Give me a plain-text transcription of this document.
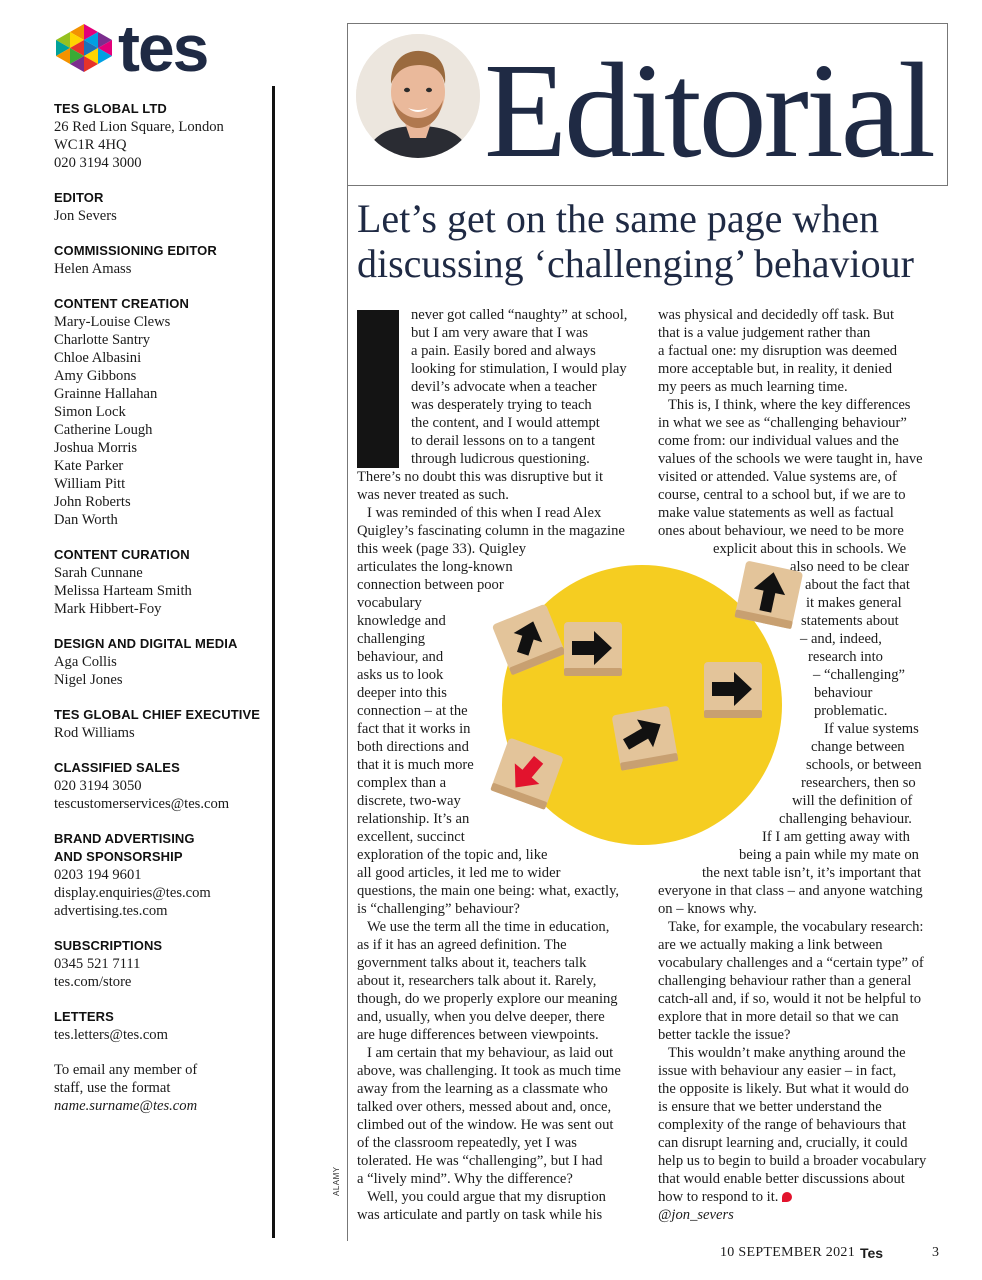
tes
TES GLOBAL LTD
26 Red Lion Square, London
WC1R 4HQ
020 3194 3000
EDITOR
Jon Severs
COMMISSIONING EDITOR
Helen Amass
CONTENT CREATION
Mary-Louise Clews
Charlotte Santry
Chloe Albasini
Amy Gibbons
Grainne Hallahan
Simon Lock
Catherine Lough
Joshua Morris
Kate Parker
William Pitt
John Roberts
Dan Worth
CONTENT CURATION
Sarah Cunnane
Melissa Harteam Smith
Mark Hibbert-Foy
DESIGN AND DIGITAL MEDIA
Aga Collis
Nigel Jones
TES GLOBAL CHIEF EXECUTIVE
Rod Williams
CLASSIFIED SALES
020 3194 3050
tescustomerservices@tes.com
BRAND ADVERTISING
AND SPONSORSHIP
0203 194 9601
display.enquiries@tes.com
advertising.tes.com
SUBSCRIPTIONS
0345 521 7111
tes.com/store
LETTERS
tes.letters@tes.com
To email any member of
staff, use the format
name.surname@tes.com
Editorial
Let’s get on the same page when
discussing ‘challenging’ behaviour
never got called “naughty” at school,
but I am very aware that I was
a pain. Easily bored and always
looking for stimulation, I would play
devil’s advocate when a teacher
was desperately trying to teach
the content, and I would attempt
to derail lessons on to a tangent
through ludicrous questioning.
There’s no doubt this was disruptive but it
was never treated as such.
I was reminded of this when I read Alex
Quigley’s fascinating column in the magazine
this week (page 33). Quigley
articulates the long-known
connection between poor
vocabulary
knowledge and
challenging
behaviour, and
asks us to look
deeper into this
connection – at the
fact that it works in
both directions and
that it is much more
complex than a
discrete, two-way
relationship. It’s an
excellent, succinct
exploration of the topic and, like
all good articles, it led me to wider
questions, the main one being: what, exactly,
is “challenging” behaviour?
We use the term all the time in education,
as if it has an agreed definition. The
government talks about it, teachers talk
about it, researchers talk about it. Rarely,
though, do we properly explore our meaning
and, usually, when you delve deeper, there
are huge differences between viewpoints.
I am certain that my behaviour, as laid out
above, was challenging. It took as much time
away from the learning as a classmate who
talked over others, messed about and, once,
climbed out of the window. He was sent out
of the classroom repeatedly, yet I was
tolerated. He was “challenging”, but I had
a “lively mind”. Why the difference?
Well, you could argue that my disruption
was articulate and partly on task while his
was physical and decidedly off task. But
that is a value judgement rather than
a factual one: my disruption was deemed
more acceptable but, in reality, it denied
my peers as much learning time.
This is, I think, where the key differences
in what we see as “challenging behaviour”
come from: our individual values and the
values of the schools we were taught in, have
visited or attended. Value systems are, of
course, central to a school but, if we are to
make value statements as well as factual
ones about behaviour, we need to be more
explicit about this in schools. We
also need to be clear
about the fact that
it makes general
statements about
– and, indeed,
research into
– “challenging”
behaviour
problematic.
If value systems
change between
schools, or between
researchers, then so
will the definition of
challenging behaviour.
If I am getting away with
being a pain while my mate on
the next table isn’t, it’s important that
everyone in that class – and anyone watching
on – knows why.
Take, for example, the vocabulary research:
are we actually making a link between
vocabulary challenges and a “certain type” of
challenging behaviour rather than a general
catch-all and, if so, would it not be helpful to
explore that in more detail so that we can
better tackle the issue?
This wouldn’t make anything around the
issue with behaviour any easier – in fact,
the opposite is likely. But what it would do
is ensure that we better understand the
complexity of the range of behaviours that
can disrupt learning and, crucially, it could
help us to begin to build a broader vocabulary
that would enable better discussions about
how to respond to it.
@jon_severs
ALAMY
10 SEPTEMBER 2021 Tes	3
